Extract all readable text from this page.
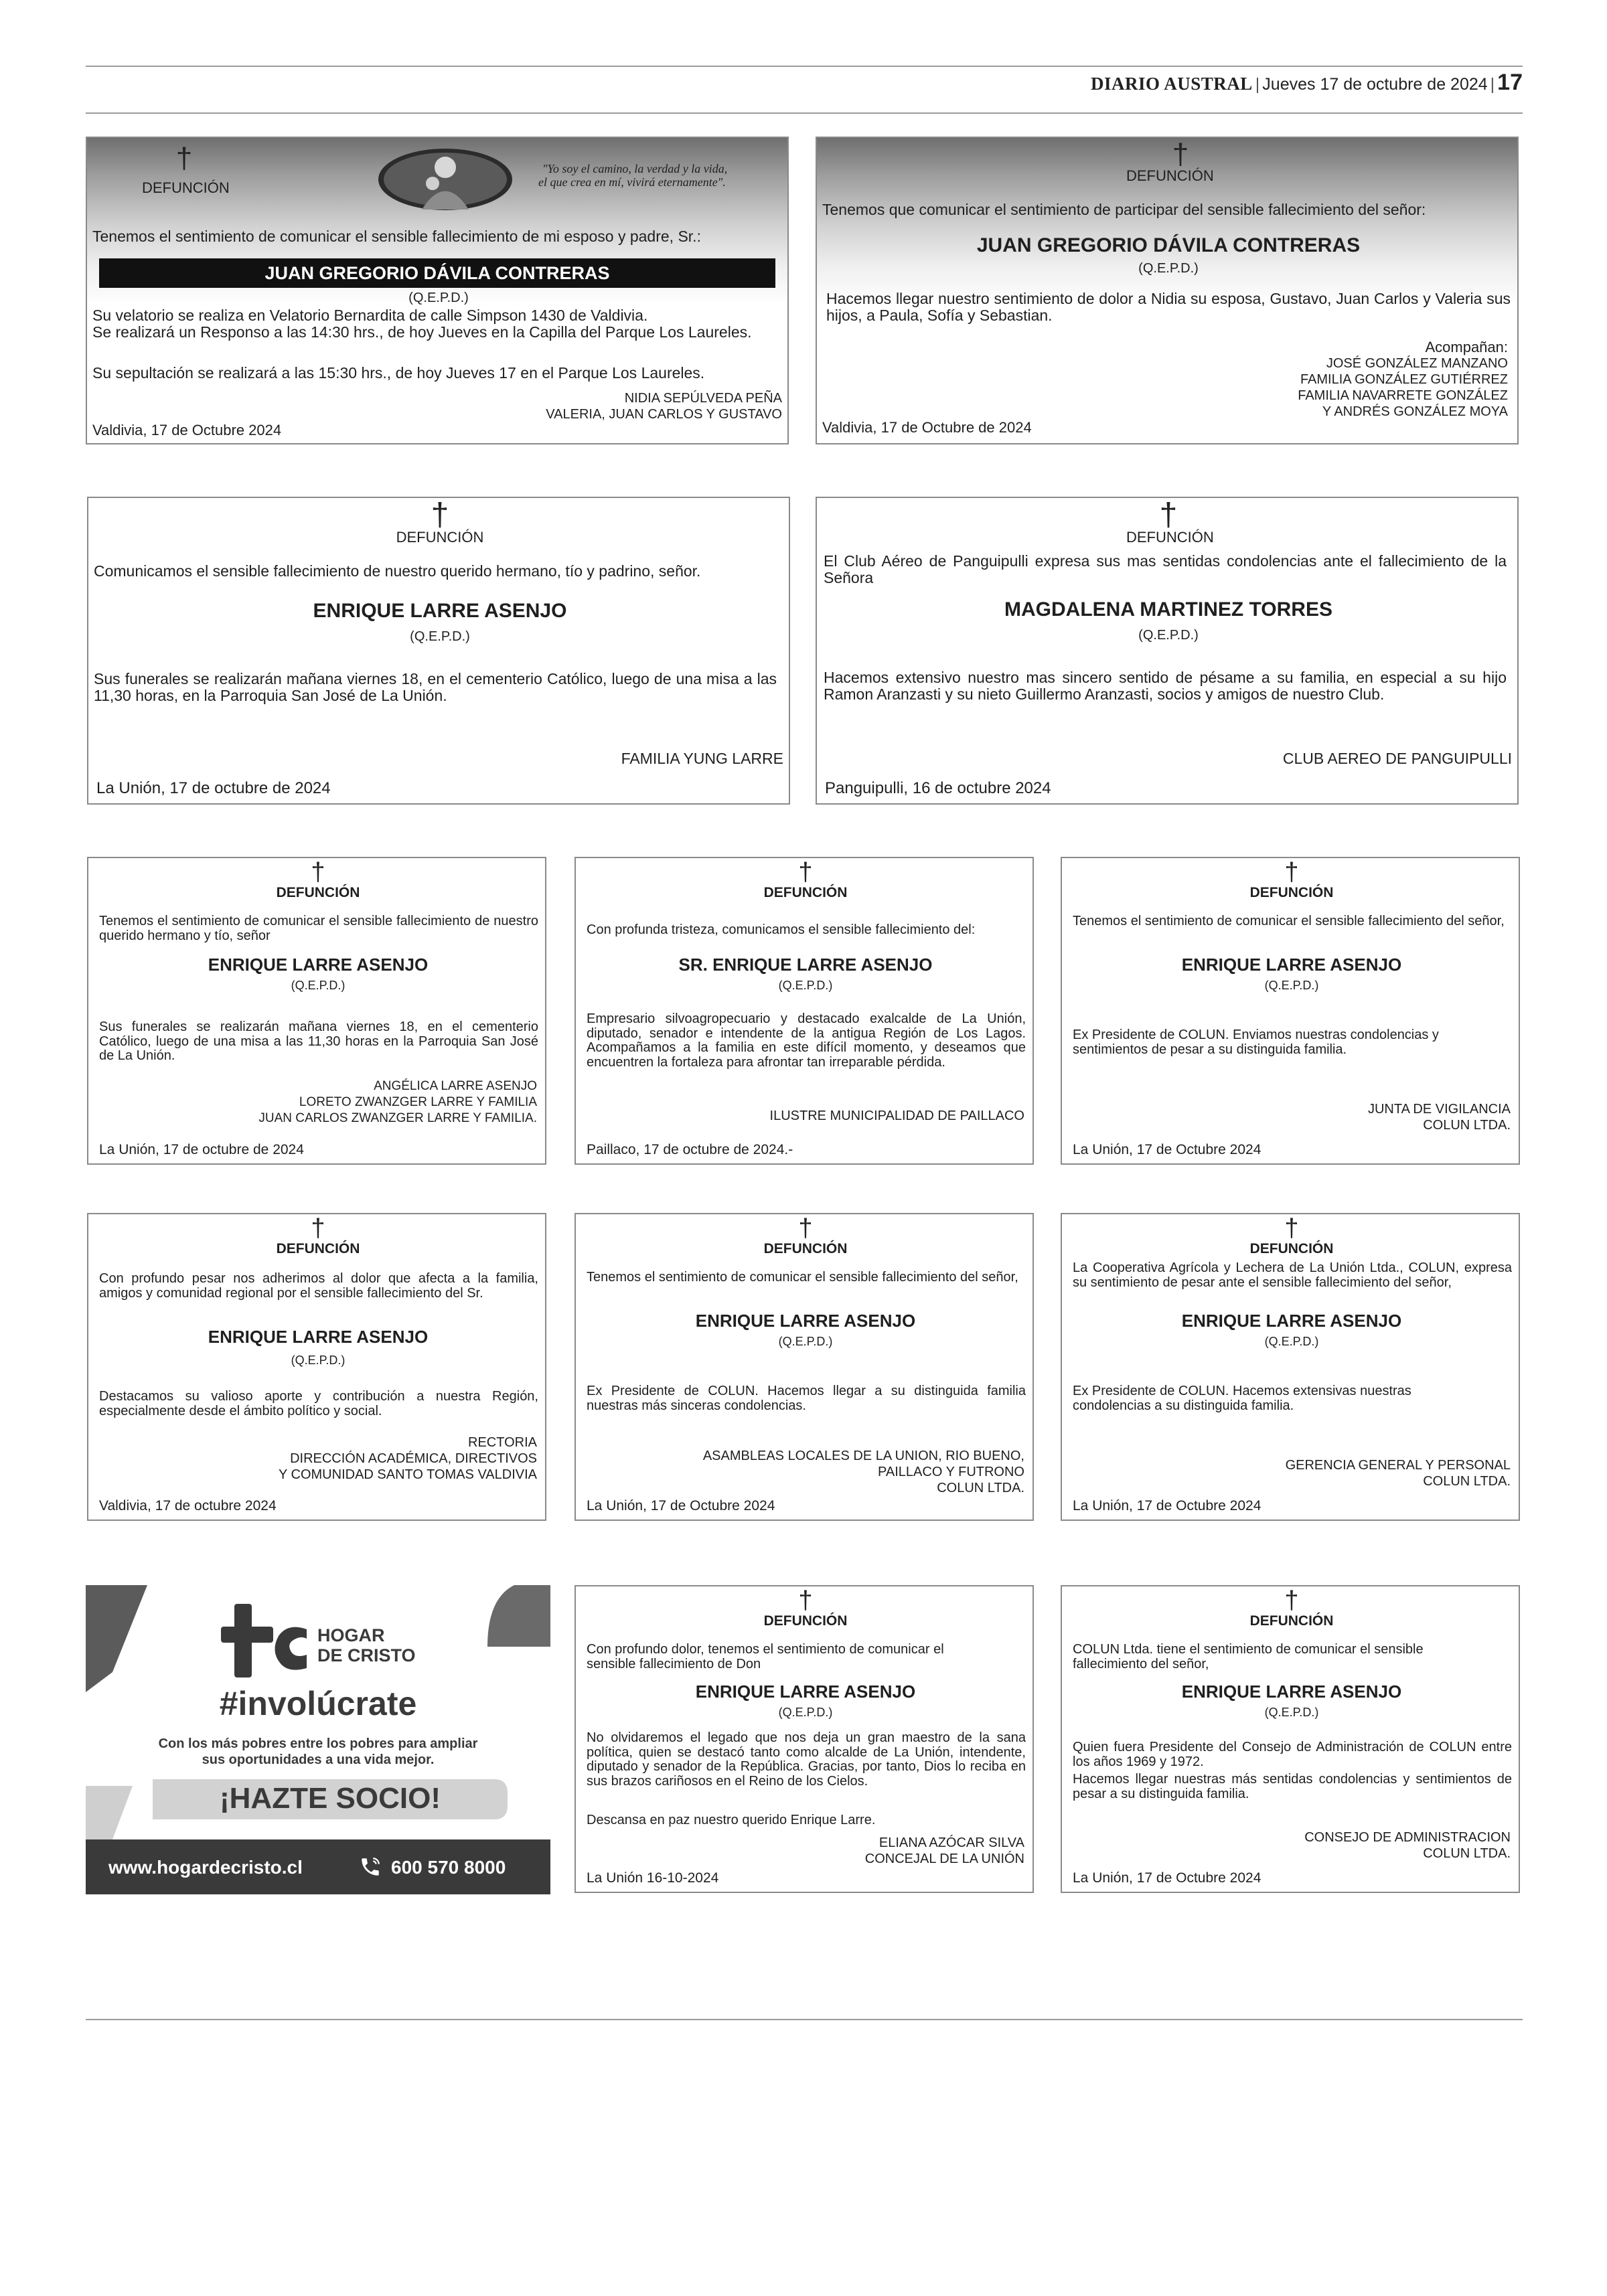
DIARIO AUSTRAL | Jueves 17 de octubre de 2024 | 17
†
DEFUNCIÓN
"Yo soy el camino, la verdad y la vida,
el que crea en mí, vivirá eternamente".
Tenemos el sentimiento de comunicar el sensible fallecimiento de mi esposo y padre, Sr.:
JUAN GREGORIO DÁVILA CONTRERAS
(Q.E.P.D.)
Su velatorio se realiza en Velatorio Bernardita de calle Simpson 1430 de Valdivia.
Se realizará un Responso a las 14:30 hrs., de hoy Jueves en la Capilla del Parque Los Laureles.
Su sepultación se realizará a las 15:30 hrs., de hoy Jueves 17 en el Parque Los Laureles.
NIDIA SEPÚLVEDA PEÑA
VALERIA, JUAN CARLOS Y GUSTAVO
Valdivia, 17 de Octubre 2024
†
DEFUNCIÓN
Tenemos que comunicar el sentimiento de participar del sensible fallecimiento del señor:
JUAN GREGORIO DÁVILA CONTRERAS
(Q.E.P.D.)
Hacemos llegar nuestro sentimiento de dolor a Nidia su esposa, Gustavo, Juan Carlos y Valeria sus hijos, a Paula, Sofía y Sebastian.
Acompañan:
JOSÉ GONZÁLEZ MANZANO
FAMILIA GONZÁLEZ GUTIÉRREZ
FAMILIA NAVARRETE GONZÁLEZ
Y ANDRÉS GONZÁLEZ MOYA
Valdivia, 17 de Octubre de 2024
†
DEFUNCIÓN
Comunicamos el sensible fallecimiento de nuestro querido hermano, tío y padrino, señor.
ENRIQUE LARRE ASENJO
(Q.E.P.D.)
Sus funerales se realizarán mañana viernes 18, en el cementerio Católico, luego de una misa a las 11,30 horas, en la Parroquia San José de La Unión.
FAMILIA YUNG LARRE
La Unión, 17 de octubre de 2024
†
DEFUNCIÓN
El Club Aéreo de Panguipulli expresa sus mas sentidas condolencias ante el fallecimiento de la Señora
MAGDALENA MARTINEZ TORRES
(Q.E.P.D.)
Hacemos extensivo nuestro mas sincero sentido de pésame a su familia, en especial a su hijo Ramon Aranzasti y su nieto Guillermo Aranzasti, socios y amigos de nuestro Club.
CLUB AEREO DE PANGUIPULLI
Panguipulli, 16 de octubre 2024
†
DEFUNCIÓN
Tenemos el sentimiento de comunicar el sensible fallecimiento de nuestro querido hermano y tío, señor
ENRIQUE LARRE ASENJO
(Q.E.P.D.)
Sus funerales se realizarán mañana viernes 18, en el cementerio Católico, luego de una misa a las 11,30 horas en la Parroquia San José de La Unión.
ANGÉLICA LARRE ASENJO
LORETO ZWANZGER LARRE Y FAMILIA
JUAN CARLOS ZWANZGER LARRE Y FAMILIA.
La Unión, 17 de octubre de 2024
†
DEFUNCIÓN
Con profunda tristeza, comunicamos el sensible fallecimiento del:
SR. ENRIQUE LARRE ASENJO
(Q.E.P.D.)
Empresario silvoagropecuario y destacado exalcalde de La Unión, diputado, senador e intendente de la antigua Región de Los Lagos. Acompañamos a la familia en este difícil momento, y deseamos que encuentren la fortaleza para afrontar tan irreparable pérdida.
ILUSTRE MUNICIPALIDAD DE PAILLACO
Paillaco, 17 de octubre de 2024.-
†
DEFUNCIÓN
Tenemos el sentimiento de comunicar el sensible fallecimiento del señor,
ENRIQUE LARRE ASENJO
(Q.E.P.D.)
Ex Presidente de COLUN. Enviamos nuestras condolencias y sentimientos de pesar a su distinguida familia.
JUNTA DE VIGILANCIA
COLUN LTDA.
La Unión, 17 de Octubre 2024
†
DEFUNCIÓN
Con profundo pesar nos adherimos al dolor que afecta a la familia, amigos y comunidad regional por el sensible fallecimiento del Sr.
ENRIQUE LARRE ASENJO
(Q.E.P.D.)
Destacamos su valioso aporte y contribución a nuestra Región, especialmente desde el ámbito político y social.
RECTORIA
DIRECCIÓN ACADÉMICA, DIRECTIVOS
Y COMUNIDAD SANTO TOMAS VALDIVIA
Valdivia, 17 de octubre 2024
†
DEFUNCIÓN
Tenemos el sentimiento de comunicar el sensible fallecimiento del señor,
ENRIQUE LARRE ASENJO
(Q.E.P.D.)
Ex Presidente de COLUN. Hacemos llegar a su distinguida familia nuestras más sinceras condolencias.
ASAMBLEAS LOCALES DE LA UNION, RIO BUENO,
PAILLACO Y FUTRONO
COLUN LTDA.
La Unión, 17 de Octubre 2024
†
DEFUNCIÓN
La Cooperativa Agrícola y Lechera de La Unión Ltda., COLUN, expresa su sentimiento de pesar ante el sensible fallecimiento del señor,
ENRIQUE LARRE ASENJO
(Q.E.P.D.)
Ex Presidente de COLUN. Hacemos extensivas nuestras condolencias a su distinguida familia.
GERENCIA GENERAL Y PERSONAL
COLUN LTDA.
La Unión, 17 de Octubre 2024
HOGAR
DE CRISTO
#involúcrate
Con los más pobres entre los pobres para ampliar
sus oportunidades a una vida mejor.
¡HAZTE SOCIO!
www.hogardecristo.cl	600 570 8000
†
DEFUNCIÓN
Con profundo dolor, tenemos el sentimiento de comunicar el sensible fallecimiento de Don
ENRIQUE LARRE ASENJO
(Q.E.P.D.)
No olvidaremos el legado que nos deja un gran maestro de la sana política, quien se destacó tanto como alcalde de La Unión, intendente, diputado y senador de la República. Gracias, por tanto, Dios lo reciba en sus brazos cariñosos en el Reino de los Cielos.
Descansa en paz nuestro querido Enrique Larre.
ELIANA AZÓCAR SILVA
CONCEJAL DE LA UNIÓN
La Unión 16-10-2024
†
DEFUNCIÓN
COLUN Ltda. tiene el sentimiento de comunicar el sensible fallecimiento del señor,
ENRIQUE LARRE ASENJO
(Q.E.P.D.)
Quien fuera Presidente del Consejo de Administración de COLUN entre los años 1969 y 1972.
Hacemos llegar nuestras más sentidas condolencias y sentimientos de pesar a su distinguida familia.
CONSEJO DE ADMINISTRACION
COLUN LTDA.
La Unión, 17 de Octubre 2024
